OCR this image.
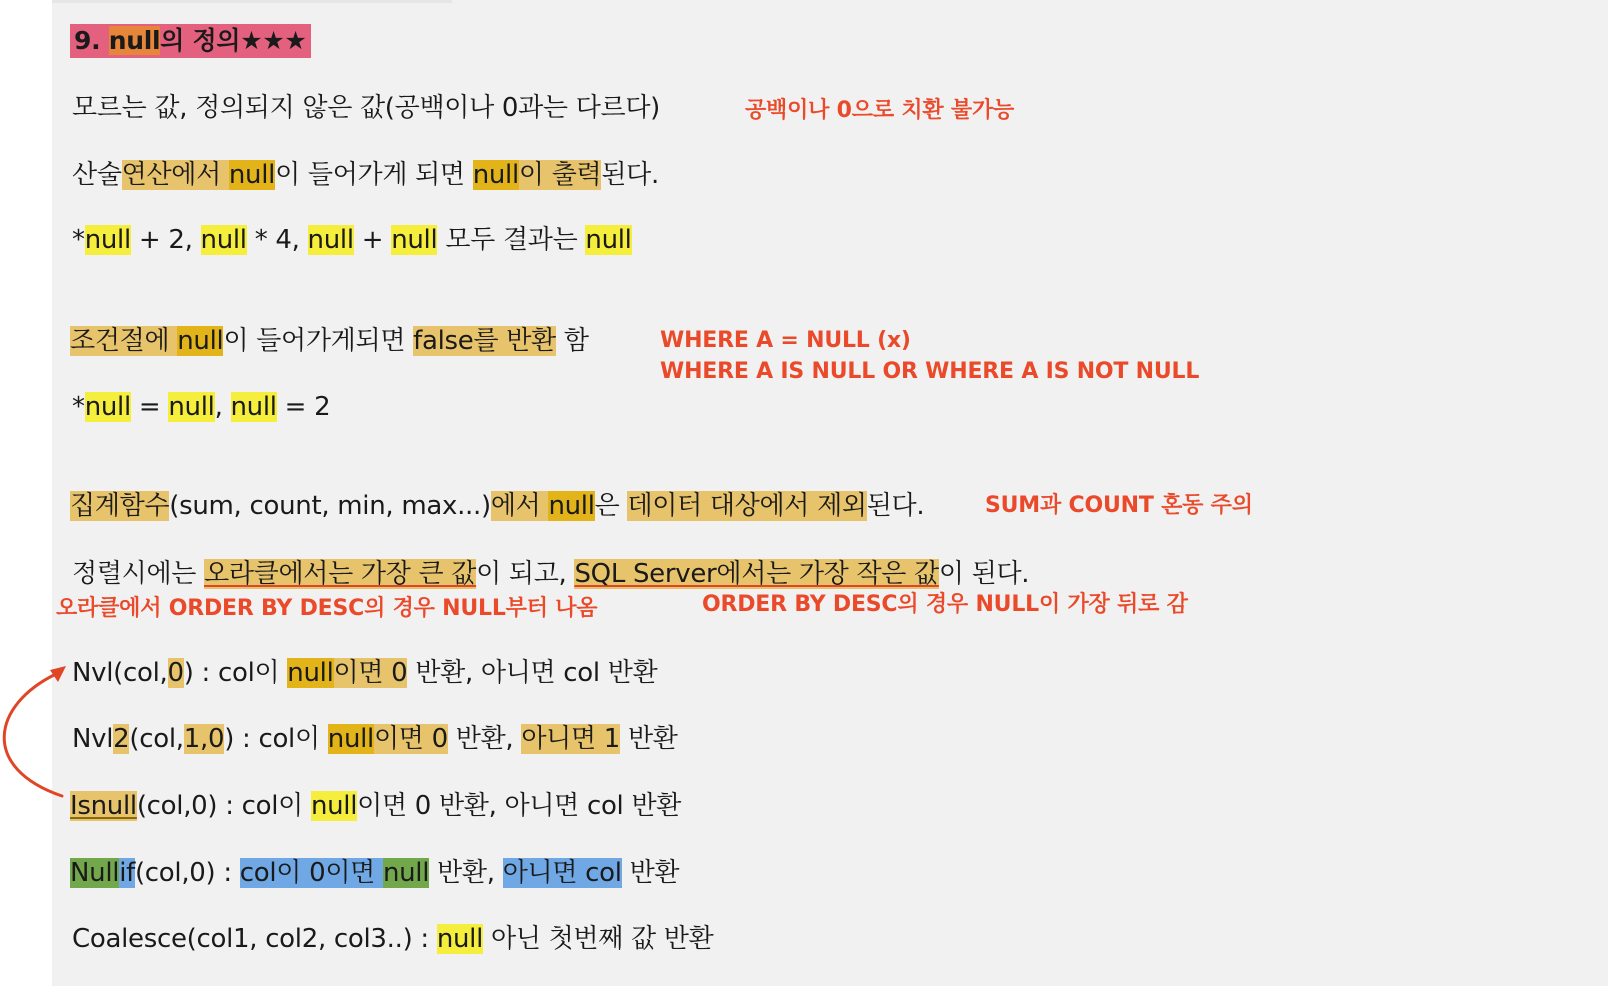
9. null의 정의★★★
모르는 값, 정의되지 않은 값(공백이나 0과는 다르다)	공백이나 0으로 치환 불가능
산술연산에서 null이 들어가게 되면 null이 출력된다.
*null + 2, null * 4, null + null 모두 결과는 null
조건절에 null이 들어가게되면 false를 반환 함	WHERE A = NULL (x)
WHERE A IS NULL OR WHERE A IS NOT NULL
*null = null, null = 2
집계함수(sum, count, min, max...)에서 null은 데이터 대상에서 제외된다.	SUM과 COUNT 혼동 주의
정렬시에는 오라클에서는 가장 큰 값이 되고, SQL Server에서는 가장 작은 값이 된다.
오라클에서 ORDER BY DESC의 경우 NULL부터 나옴	ORDER BY DESC의 경우 NULL이 가장 뒤로 감
Nvl(col,0) : col이 null이면 0 반환, 아니면 col 반환
Nvl2(col,1,0) : col이 null이면 0 반환, 아니면 1 반환
Isnull(col,0) : col이 null이면 0 반환, 아니면 col 반환
Nullif(col,0) : col이 0이면 null 반환, 아니면 col 반환
Coalesce(col1, col2, col3..) : null 아닌 첫번째 값 반환
